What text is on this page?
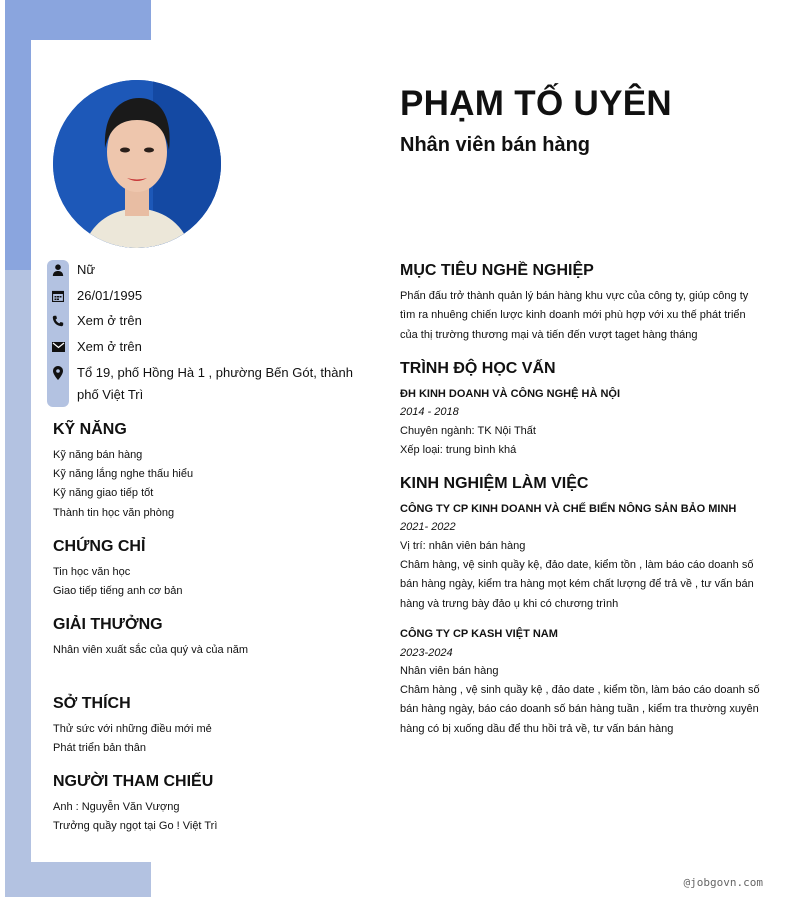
PHẠM TỐ UYÊN
Nhân viên bán hàng
Nữ
26/01/1995
Xem ở trên
Xem ở trên
Tổ 19, phố Hồng Hà 1 , phường Bến Gót, thành
phố Việt Trì
KỸ NĂNG
Kỹ năng bán hàng
Kỹ năng lắng nghe thấu hiểu
Kỹ năng giao tiếp tốt
Thành tin học văn phòng
CHỨNG CHỈ
Tin học văn học
Giao tiếp tiếng anh cơ bản
GIẢI THƯỞNG
Nhân viên xuất sắc của quý và của năm
SỞ THÍCH
Thử sức với những điều mới mẻ
Phát triển bản thân
NGƯỜI THAM CHIẾU
Anh : Nguyễn Văn Vượng
Trưởng quầy ngọt tại Go ! Việt Trì
MỤC TIÊU NGHỀ NGHIỆP
Phấn đấu trở thành quản lý bán hàng khu vực của công ty, giúp công ty
tìm ra nhuêng chiến lược kinh doanh mới phù hợp với xu thế phát triển
của thị trường thương mại và tiến đến vượt taget hàng tháng
TRÌNH ĐỘ HỌC VẤN
ĐH KINH DOANH VÀ CÔNG NGHỆ HÀ NỘI
2014 - 2018
Chuyên ngành: TK Nội Thất
Xếp loại: trung bình khá
KINH NGHIỆM LÀM VIỆC
CÔNG TY CP KINH DOANH VÀ CHẾ BIẾN NÔNG SẢN BẢO MINH
2021- 2022
Vị trí: nhân viên bán hàng
Châm hàng, vệ sinh quầy kệ, đảo date, kiểm tồn , làm báo cáo doanh số
bán hàng ngày, kiểm tra hàng mọt kém chất lượng để trả về , tư vấn bán
hàng và trưng bày đảo ụ khi có chương trình
CÔNG TY CP KASH VIỆT NAM
2023-2024
Nhân viên bán hàng
Châm hàng , vệ sinh quầy kệ , đảo date , kiểm tồn, làm báo cáo doanh số
bán hàng ngày, báo cáo doanh số bán hàng tuần , kiểm tra thường xuyên
hàng có bị xuống dầu để thu hồi trả về, tư vấn bán hàng
@jobgovn.com
